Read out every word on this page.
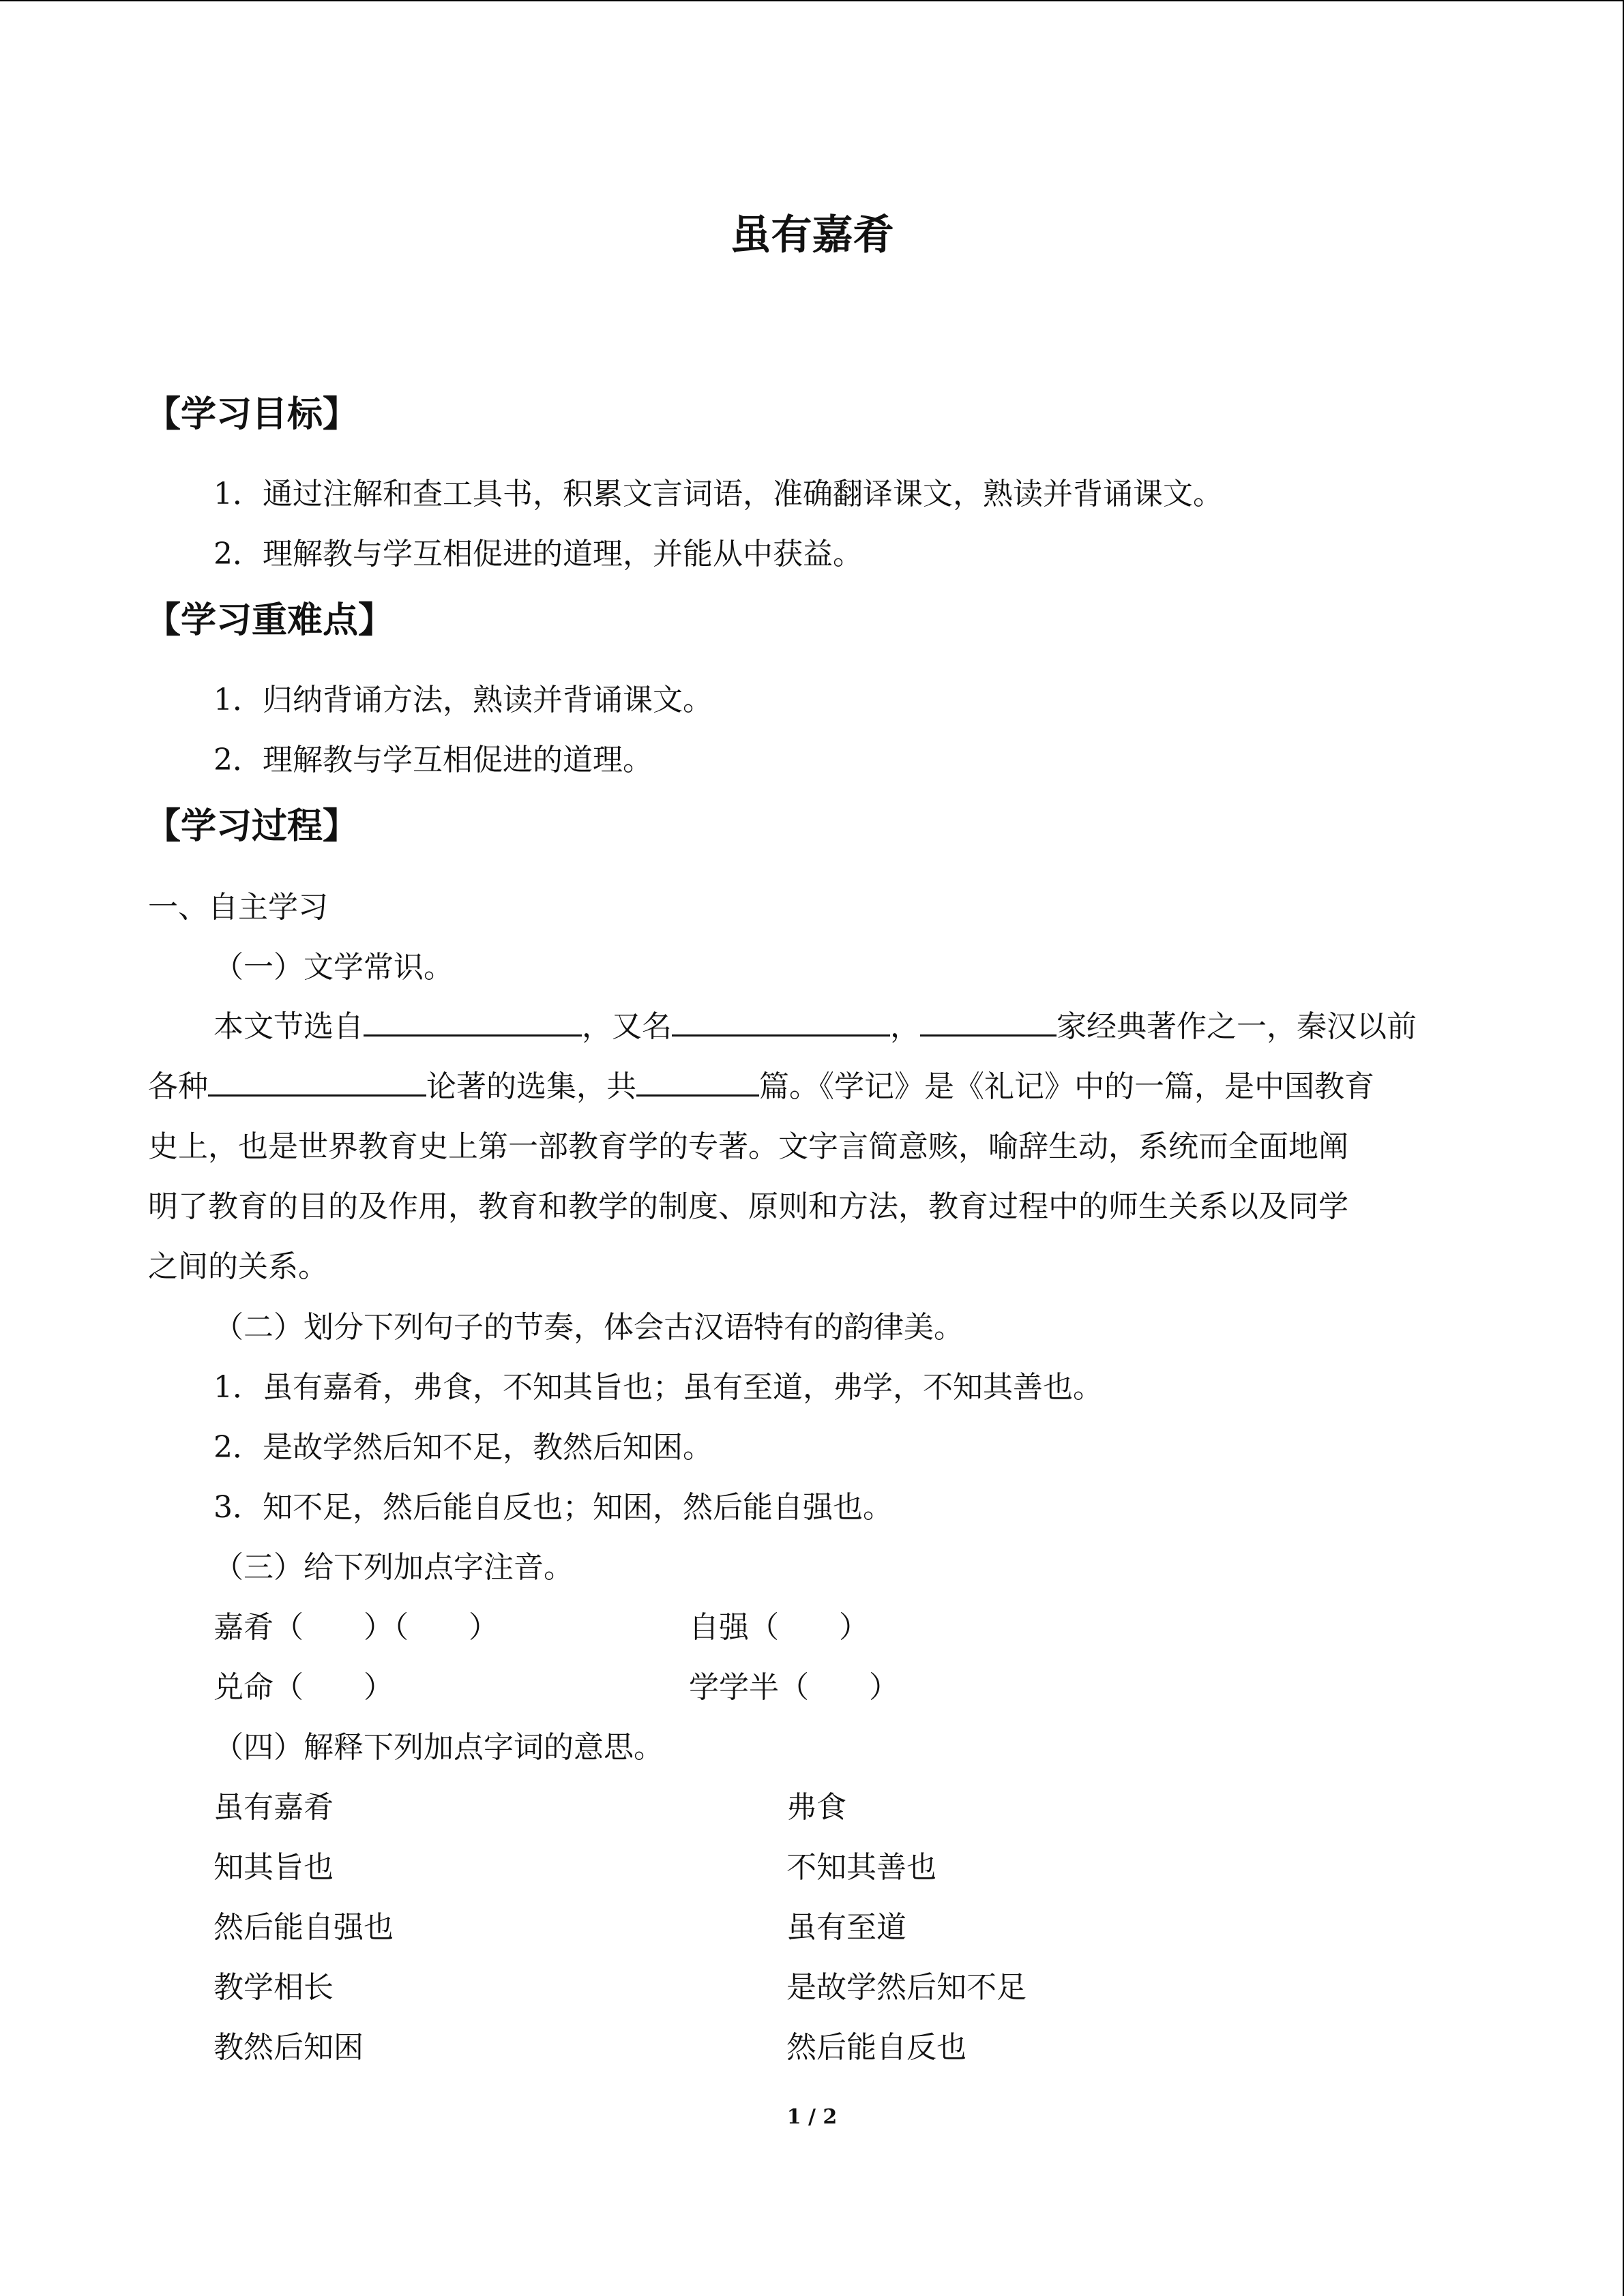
虽有嘉肴
【学习目标】
1．通过注解和查工具书，积累文言词语，准确翻译课文，熟读并背诵课文。
2．理解教与学互相促进的道理，并能从中获益。
【学习重难点】
1．归纳背诵方法，熟读并背诵课文。
2．理解教与学互相促进的道理。
【学习过程】
一、自主学习
（一）文学常识。
本文节选自	，又名	，	家经典著作之一，秦汉以前
各种	论著的选集，共	篇。《学记》是《礼记》中的一篇，是中国教育
史上，也是世界教育史上第一部教育学的专著。文字言简意赅，喻辞生动，系统而全面地阐
明了教育的目的及作用，教育和教学的制度、原则和方法，教育过程中的师生关系以及同学
之间的关系。
（二）划分下列句子的节奏，体会古汉语特有的韵律美。
1．虽有嘉肴，弗食，不知其旨也；虽有至道，弗学，不知其善也。
2．是故学然后知不足，教然后知困。
3．知不足，然后能自反也；知困，然后能自强也。
（三）给下列加点字注音。
嘉肴（　　）（　　）	自强（　　）
兑命（　　）	学学半（　　）
（四）解释下列加点字词的意思。
虽有嘉肴	弗食
知其旨也	不知其善也
然后能自强也	虽有至道
教学相长	是故学然后知不足
教然后知困	然后能自反也
1 / 2
